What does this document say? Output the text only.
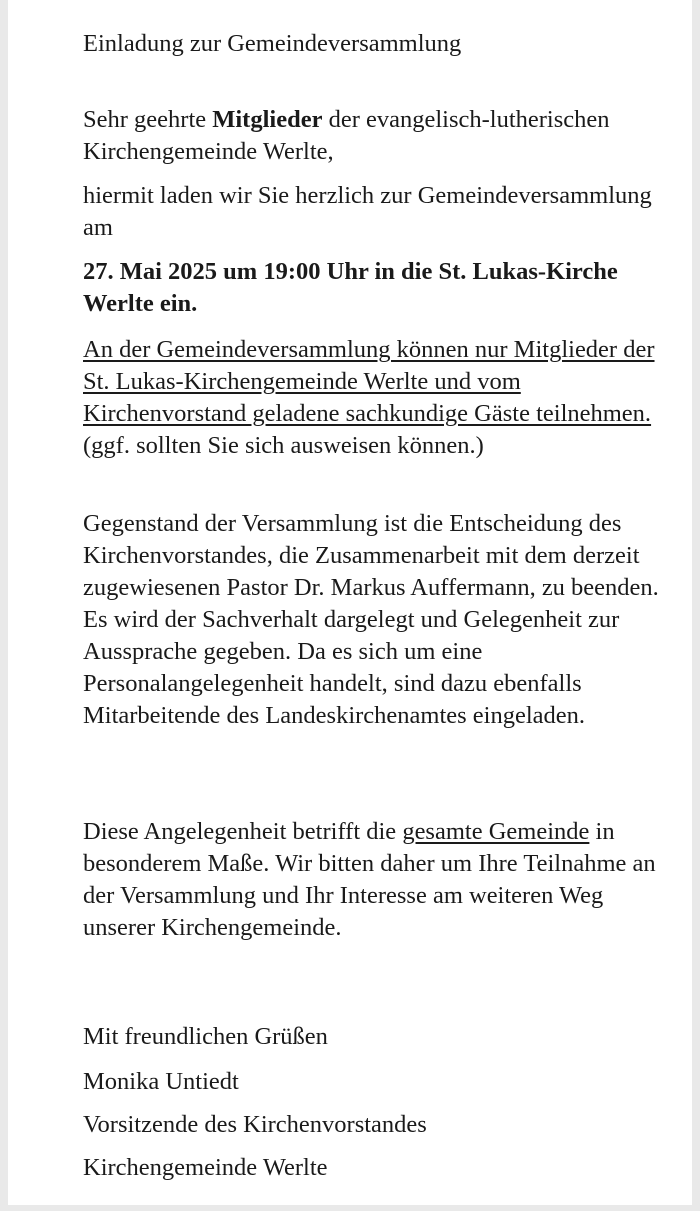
Einladung zur Gemeindeversammlung

Sehr geehrte Mitglieder der evangelisch-lutherischen Kirchengemeinde Werlte,

hiermit laden wir Sie herzlich zur Gemeindeversammlung am

27. Mai 2025 um 19:00 Uhr in die St. Lukas-Kirche Werlte ein.

An der Gemeindeversammlung können nur Mitglieder der St. Lukas-Kirchengemeinde Werlte und vom Kirchenvorstand geladene sachkundige Gäste teilnehmen. (ggf. sollten Sie sich ausweisen können.)

Gegenstand der Versammlung ist die Entscheidung des Kirchenvorstandes, die Zusammenarbeit mit dem derzeit zugewiesenen Pastor Dr. Markus Auffermann, zu beenden. Es wird der Sachverhalt dargelegt und Gelegenheit zur Aussprache gegeben. Da es sich um eine Personalangelegenheit handelt, sind dazu ebenfalls Mitarbeitende des Landeskirchenamtes eingeladen.

Diese Angelegenheit betrifft die gesamte Gemeinde in besonderem Maße. Wir bitten daher um Ihre Teilnahme an der Versammlung und Ihr Interesse am weiteren Weg unserer Kirchengemeinde.

Mit freundlichen Grüßen

Monika Untiedt

Vorsitzende des Kirchenvorstandes

Kirchengemeinde Werlte
